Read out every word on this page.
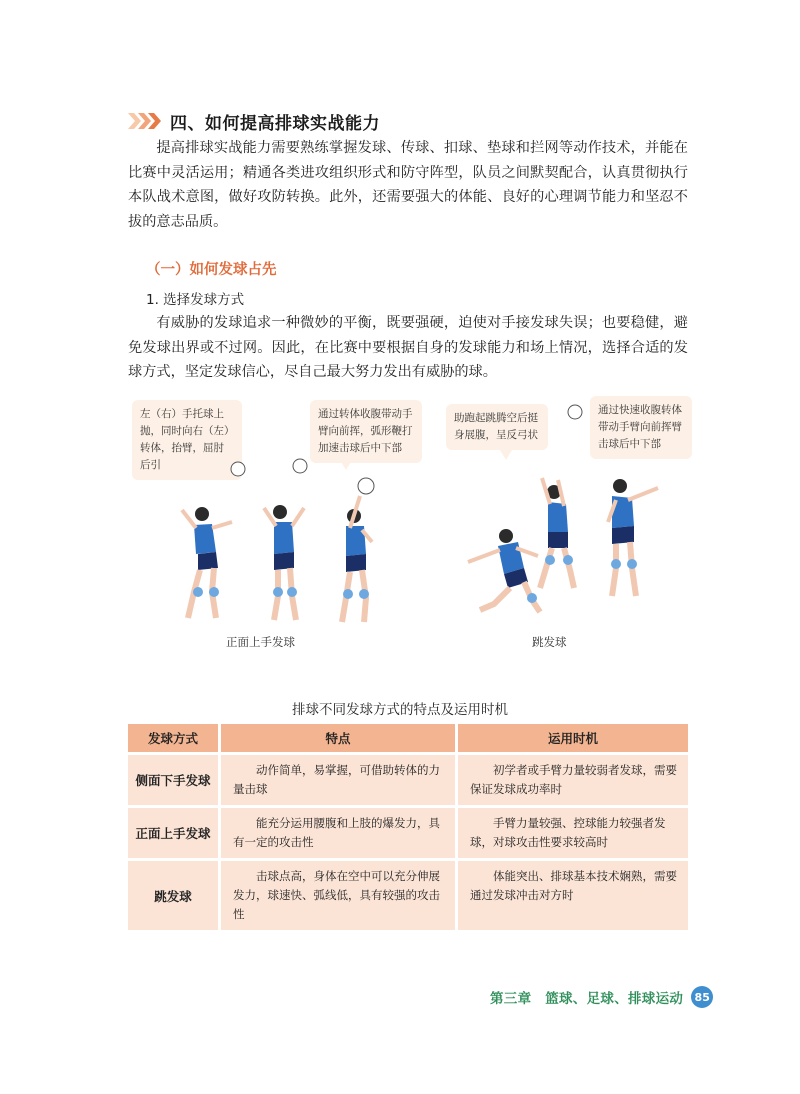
四、如何提高排球实战能力

提高排球实战能力需要熟练掌握发球、传球、扣球、垫球和拦网等动作技术，并能在比赛中灵活运用；精通各类进攻组织形式和防守阵型，队员之间默契配合，认真贯彻执行本队战术意图，做好攻防转换。此外，还需要强大的体能、良好的心理调节能力和坚忍不拔的意志品质。

（一）如何发球占先
1. 选择发球方式

有威胁的发球追求一种微妙的平衡，既要强硬，迫使对手接发球失误；也要稳健，避免发球出界或不过网。因此，在比赛中要根据自身的发球能力和场上情况，选择合适的发球方式，坚定发球信心，尽自己最大努力发出有威胁的球。

左（右）手托球上抛，同时向右（左）转体，抬臂，屈肘后引
通过转体收腹带动手臂向前挥，弧形鞭打加速击球后中下部
助跑起跳腾空后挺身展腹，呈反弓状
通过快速收腹转体带动手臂向前挥臂击球后中下部
正面上手发球	跳发球
排球不同发球方式的特点及运用时机
发球方式	特点	运用时机
侧面下手发球	动作简单，易掌握，可借助转体的力量击球	初学者或手臂力量较弱者发球，需要保证发球成功率时
正面上手发球	能充分运用腰腹和上肢的爆发力，具有一定的攻击性	手臂力量较强、控球能力较强者发球，对球攻击性要求较高时
跳发球	击球点高，身体在空中可以充分伸展发力，球速快、弧线低，具有较强的攻击性	体能突出、排球基本技术娴熟，需要通过发球冲击对方时
第三章　篮球、足球、排球运动	85
